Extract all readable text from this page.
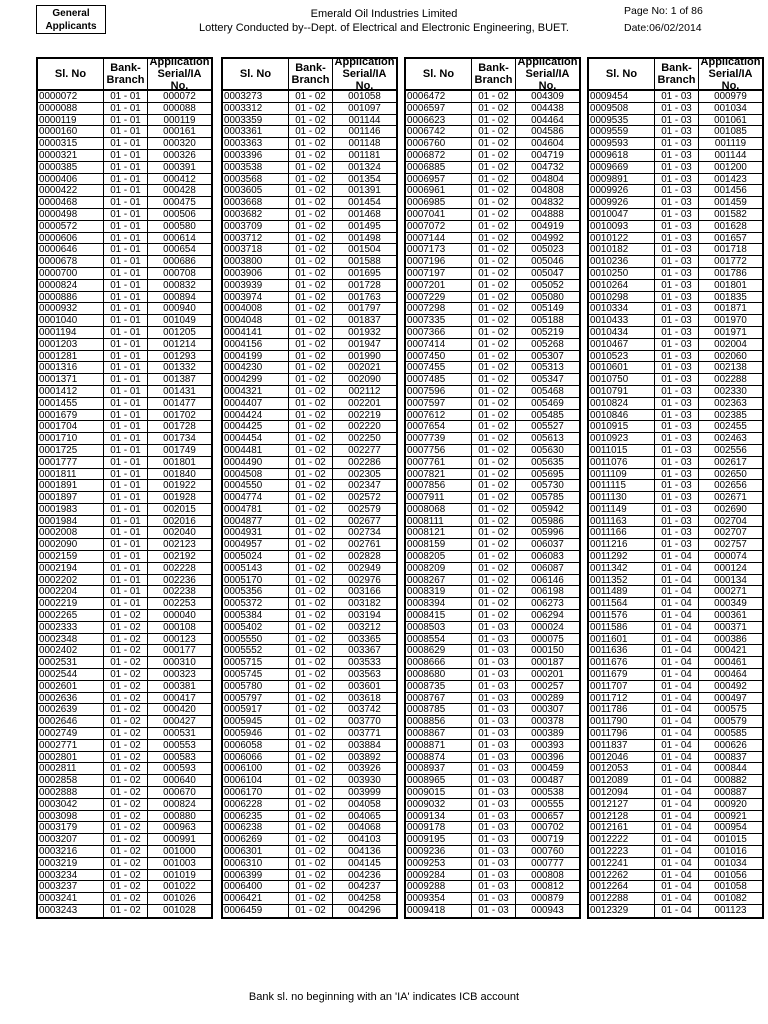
General
Applicants
Emerald Oil Industries Limited
Lottery Conducted by--Dept. of Electrical and Electronic Engineering, BUET.
Page No: 1 of 86
Date:06/02/2014
Sl. No	Bank-
Branch
Application
Serial/IA No.
0000072	01 - 01	000072
0000088	01 - 01	000088
0000119	01 - 01	000119
0000160	01 - 01	000161
0000315	01 - 01	000320
0000321	01 - 01	000326
0000385	01 - 01	000391
0000406	01 - 01	000412
0000422	01 - 01	000428
0000468	01 - 01	000475
0000498	01 - 01	000506
0000572	01 - 01	000580
0000606	01 - 01	000614
0000646	01 - 01	000654
0000678	01 - 01	000686
0000700	01 - 01	000708
0000824	01 - 01	000832
0000886	01 - 01	000894
0000932	01 - 01	000940
0001040	01 - 01	001049
0001194	01 - 01	001205
0001203	01 - 01	001214
0001281	01 - 01	001293
0001316	01 - 01	001332
0001371	01 - 01	001387
0001412	01 - 01	001431
0001455	01 - 01	001477
0001679	01 - 01	001702
0001704	01 - 01	001728
0001710	01 - 01	001734
0001725	01 - 01	001749
0001777	01 - 01	001801
0001811	01 - 01	001840
0001891	01 - 01	001922
0001897	01 - 01	001928
0001983	01 - 01	002015
0001984	01 - 01	002016
0002008	01 - 01	002040
0002090	01 - 01	002123
0002159	01 - 01	002192
0002194	01 - 01	002228
0002202	01 - 01	002236
0002204	01 - 01	002238
0002219	01 - 01	002253
0002265	01 - 02	000040
0002333	01 - 02	000108
0002348	01 - 02	000123
0002402	01 - 02	000177
0002531	01 - 02	000310
0002544	01 - 02	000323
0002601	01 - 02	000381
0002636	01 - 02	000417
0002639	01 - 02	000420
0002646	01 - 02	000427
0002749	01 - 02	000531
0002771	01 - 02	000553
0002801	01 - 02	000583
0002811	01 - 02	000593
0002858	01 - 02	000640
0002888	01 - 02	000670
0003042	01 - 02	000824
0003098	01 - 02	000880
0003179	01 - 02	000963
0003207	01 - 02	000991
0003216	01 - 02	001000
0003219	01 - 02	001003
0003234	01 - 02	001019
0003237	01 - 02	001022
0003241	01 - 02	001026
0003243	01 - 02	001028
Sl. No	Bank-
Branch
Application
Serial/IA No.
0003273	01 - 02	001058
0003312	01 - 02	001097
0003359	01 - 02	001144
0003361	01 - 02	001146
0003363	01 - 02	001148
0003396	01 - 02	001181
0003538	01 - 02	001324
0003568	01 - 02	001354
0003605	01 - 02	001391
0003668	01 - 02	001454
0003682	01 - 02	001468
0003709	01 - 02	001495
0003712	01 - 02	001498
0003718	01 - 02	001504
0003800	01 - 02	001588
0003906	01 - 02	001695
0003939	01 - 02	001728
0003974	01 - 02	001763
0004008	01 - 02	001797
0004048	01 - 02	001837
0004141	01 - 02	001932
0004156	01 - 02	001947
0004199	01 - 02	001990
0004230	01 - 02	002021
0004299	01 - 02	002090
0004321	01 - 02	002112
0004407	01 - 02	002201
0004424	01 - 02	002219
0004425	01 - 02	002220
0004454	01 - 02	002250
0004481	01 - 02	002277
0004490	01 - 02	002286
0004508	01 - 02	002305
0004550	01 - 02	002347
0004774	01 - 02	002572
0004781	01 - 02	002579
0004877	01 - 02	002677
0004931	01 - 02	002734
0004957	01 - 02	002761
0005024	01 - 02	002828
0005143	01 - 02	002949
0005170	01 - 02	002976
0005356	01 - 02	003166
0005372	01 - 02	003182
0005384	01 - 02	003194
0005402	01 - 02	003212
0005550	01 - 02	003365
0005552	01 - 02	003367
0005715	01 - 02	003533
0005745	01 - 02	003563
0005780	01 - 02	003601
0005797	01 - 02	003618
0005917	01 - 02	003742
0005945	01 - 02	003770
0005946	01 - 02	003771
0006058	01 - 02	003884
0006066	01 - 02	003892
0006100	01 - 02	003926
0006104	01 - 02	003930
0006170	01 - 02	003999
0006228	01 - 02	004058
0006235	01 - 02	004065
0006238	01 - 02	004068
0006269	01 - 02	004103
0006301	01 - 02	004136
0006310	01 - 02	004145
0006399	01 - 02	004236
0006400	01 - 02	004237
0006421	01 - 02	004258
0006459	01 - 02	004296
Sl. No	Bank-
Branch
Application
Serial/IA No.
0006472	01 - 02	004309
0006597	01 - 02	004438
0006623	01 - 02	004464
0006742	01 - 02	004586
0006760	01 - 02	004604
0006872	01 - 02	004719
0006885	01 - 02	004732
0006957	01 - 02	004804
0006961	01 - 02	004808
0006985	01 - 02	004832
0007041	01 - 02	004888
0007072	01 - 02	004919
0007144	01 - 02	004992
0007173	01 - 02	005023
0007196	01 - 02	005046
0007197	01 - 02	005047
0007201	01 - 02	005052
0007229	01 - 02	005080
0007298	01 - 02	005149
0007335	01 - 02	005188
0007366	01 - 02	005219
0007414	01 - 02	005268
0007450	01 - 02	005307
0007455	01 - 02	005313
0007485	01 - 02	005347
0007596	01 - 02	005468
0007597	01 - 02	005469
0007612	01 - 02	005485
0007654	01 - 02	005527
0007739	01 - 02	005613
0007756	01 - 02	005630
0007761	01 - 02	005635
0007821	01 - 02	005695
0007856	01 - 02	005730
0007911	01 - 02	005785
0008068	01 - 02	005942
0008111	01 - 02	005986
0008121	01 - 02	005996
0008159	01 - 02	006037
0008205	01 - 02	006083
0008209	01 - 02	006087
0008267	01 - 02	006146
0008319	01 - 02	006198
0008394	01 - 02	006273
0008415	01 - 02	006294
0008503	01 - 03	000024
0008554	01 - 03	000075
0008629	01 - 03	000150
0008666	01 - 03	000187
0008680	01 - 03	000201
0008735	01 - 03	000257
0008767	01 - 03	000289
0008785	01 - 03	000307
0008856	01 - 03	000378
0008867	01 - 03	000389
0008871	01 - 03	000393
0008874	01 - 03	000396
0008937	01 - 03	000459
0008965	01 - 03	000487
0009015	01 - 03	000538
0009032	01 - 03	000555
0009134	01 - 03	000657
0009178	01 - 03	000702
0009195	01 - 03	000719
0009236	01 - 03	000760
0009253	01 - 03	000777
0009284	01 - 03	000808
0009288	01 - 03	000812
0009354	01 - 03	000879
0009418	01 - 03	000943
Sl. No	Bank-
Branch
Application
Serial/IA No.
0009454	01 - 03	000979
0009508	01 - 03	001034
0009535	01 - 03	001061
0009559	01 - 03	001085
0009593	01 - 03	001119
0009618	01 - 03	001144
0009669	01 - 03	001200
0009891	01 - 03	001423
0009926	01 - 03	001456
0009926	01 - 03	001459
0010047	01 - 03	001582
0010093	01 - 03	001628
0010122	01 - 03	001657
0010182	01 - 03	001718
0010236	01 - 03	001772
0010250	01 - 03	001786
0010264	01 - 03	001801
0010298	01 - 03	001835
0010334	01 - 03	001871
0010433	01 - 03	001970
0010434	01 - 03	001971
0010467	01 - 03	002004
0010523	01 - 03	002060
0010601	01 - 03	002138
0010750	01 - 03	002288
0010791	01 - 03	002330
0010824	01 - 03	002363
0010846	01 - 03	002385
0010915	01 - 03	002455
0010923	01 - 03	002463
0011015	01 - 03	002556
0011076	01 - 03	002617
0011109	01 - 03	002650
0011115	01 - 03	002656
0011130	01 - 03	002671
0011149	01 - 03	002690
0011163	01 - 03	002704
0011166	01 - 03	002707
0011216	01 - 03	002757
0011292	01 - 04	000074
0011342	01 - 04	000124
0011352	01 - 04	000134
0011489	01 - 04	000271
0011564	01 - 04	000349
0011576	01 - 04	000361
0011586	01 - 04	000371
0011601	01 - 04	000386
0011636	01 - 04	000421
0011676	01 - 04	000461
0011679	01 - 04	000464
0011707	01 - 04	000492
0011712	01 - 04	000497
0011786	01 - 04	000575
0011790	01 - 04	000579
0011796	01 - 04	000585
0011837	01 - 04	000626
0012046	01 - 04	000837
0012053	01 - 04	000844
0012089	01 - 04	000882
0012094	01 - 04	000887
0012127	01 - 04	000920
0012128	01 - 04	000921
0012161	01 - 04	000954
0012222	01 - 04	001015
0012223	01 - 04	001016
0012241	01 - 04	001034
0012262	01 - 04	001056
0012264	01 - 04	001058
0012288	01 - 04	001082
0012329	01 - 04	001123
Bank sl. no beginning with an 'IA' indicates ICB account
